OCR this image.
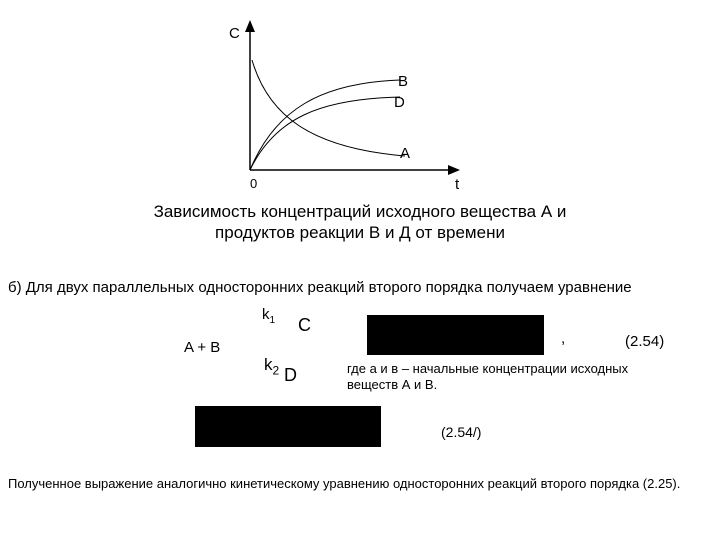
C
t
0
B
D
A
Зависимость концентраций исходного вещества А и
продуктов реакции В и Д от времени
б) Для двух параллельных односторонних реакций второго порядка получаем уравнение
A + B
$k_1$ C
$k_2$ D
,	(2.54)
где а и в – начальные концентрации исходных
веществ А и В.
(2.54/)
Полученное выражение аналогично кинетическому уравнению односторонних реакций второго порядка (2.25).
